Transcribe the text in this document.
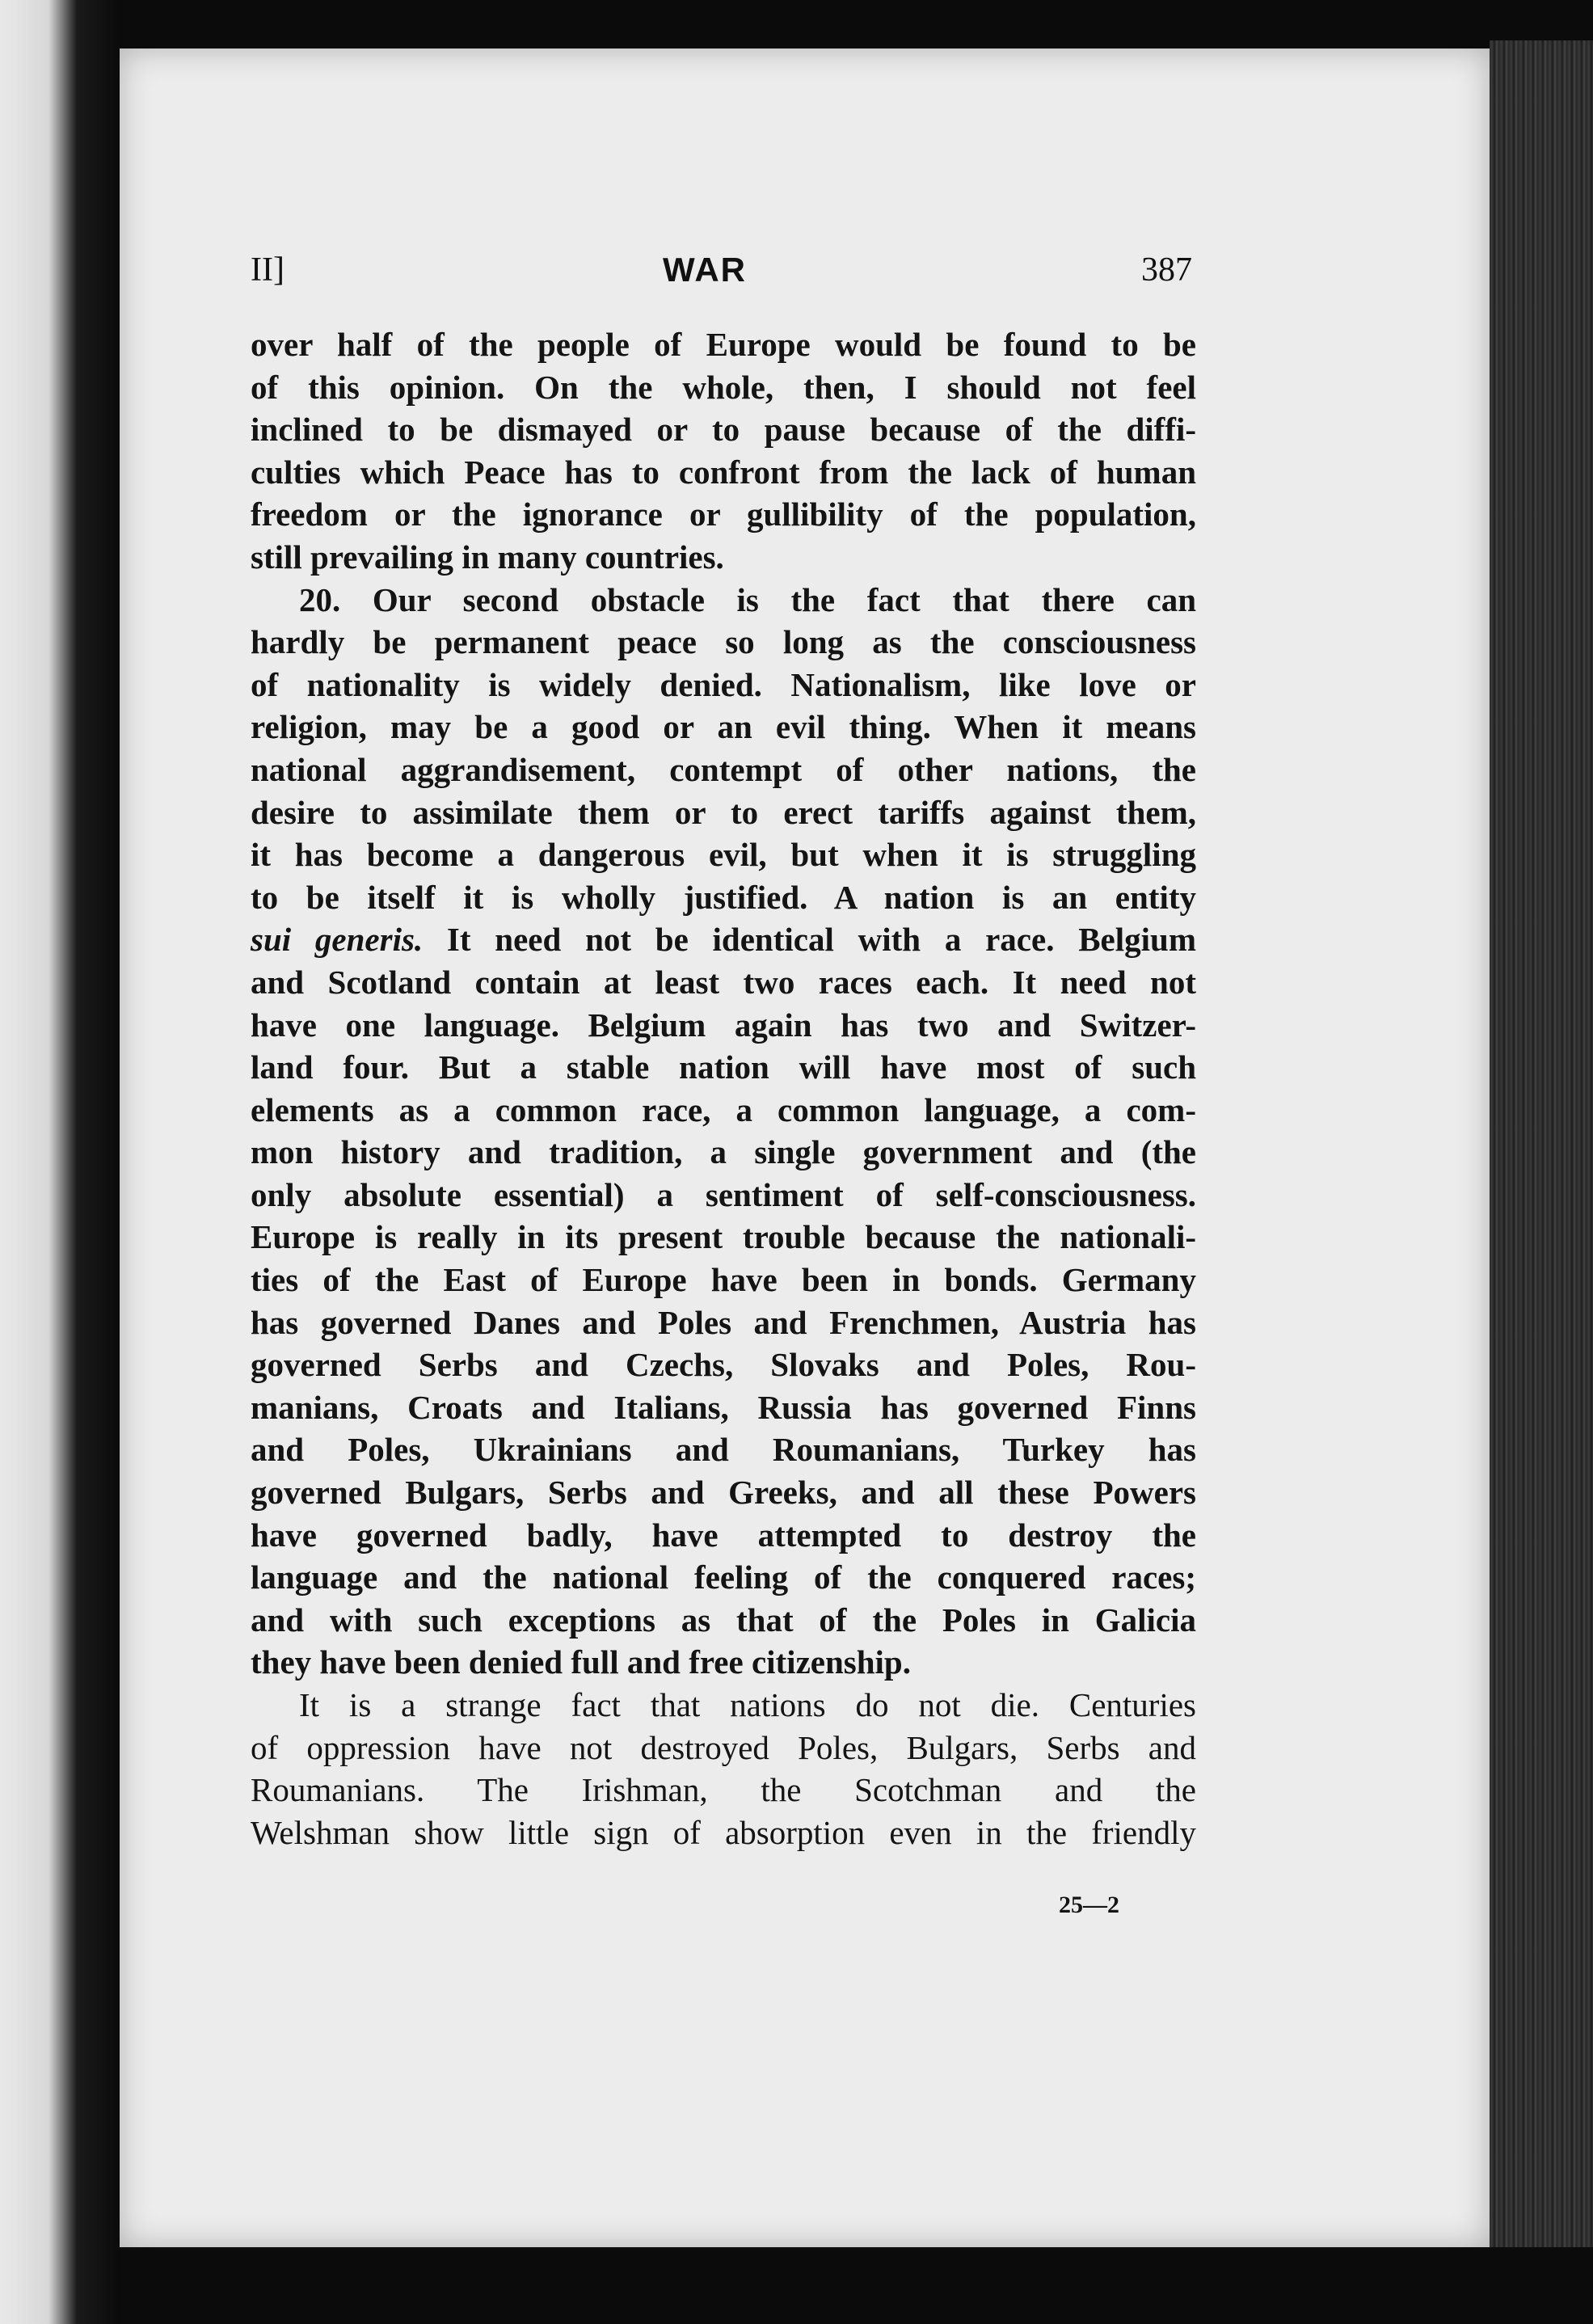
II]	WAR	387
over half of the people of Europe would be found to be
of this opinion. On the whole, then, I should not feel
inclined to be dismayed or to pause because of the diffi-
culties which Peace has to confront from the lack of human
freedom or the ignorance or gullibility of the population,
still prevailing in many countries.
20. Our second obstacle is the fact that there can
hardly be permanent peace so long as the consciousness
of nationality is widely denied. Nationalism, like love or
religion, may be a good or an evil thing. When it means
national aggrandisement, contempt of other nations, the
desire to assimilate them or to erect tariffs against them,
it has become a dangerous evil, but when it is struggling
to be itself it is wholly justified. A nation is an entity
sui generis. It need not be identical with a race. Belgium
and Scotland contain at least two races each. It need not
have one language. Belgium again has two and Switzer-
land four. But a stable nation will have most of such
elements as a common race, a common language, a com-
mon history and tradition, a single government and (the
only absolute essential) a sentiment of self-consciousness.
Europe is really in its present trouble because the nationali-
ties of the East of Europe have been in bonds. Germany
has governed Danes and Poles and Frenchmen, Austria has
governed Serbs and Czechs, Slovaks and Poles, Rou-
manians, Croats and Italians, Russia has governed Finns
and Poles, Ukrainians and Roumanians, Turkey has
governed Bulgars, Serbs and Greeks, and all these Powers
have governed badly, have attempted to destroy the
language and the national feeling of the conquered races;
and with such exceptions as that of the Poles in Galicia
they have been denied full and free citizenship.
It is a strange fact that nations do not die. Centuries
of oppression have not destroyed Poles, Bulgars, Serbs and
Roumanians. The Irishman, the Scotchman and the
Welshman show little sign of absorption even in the friendly
25—2
